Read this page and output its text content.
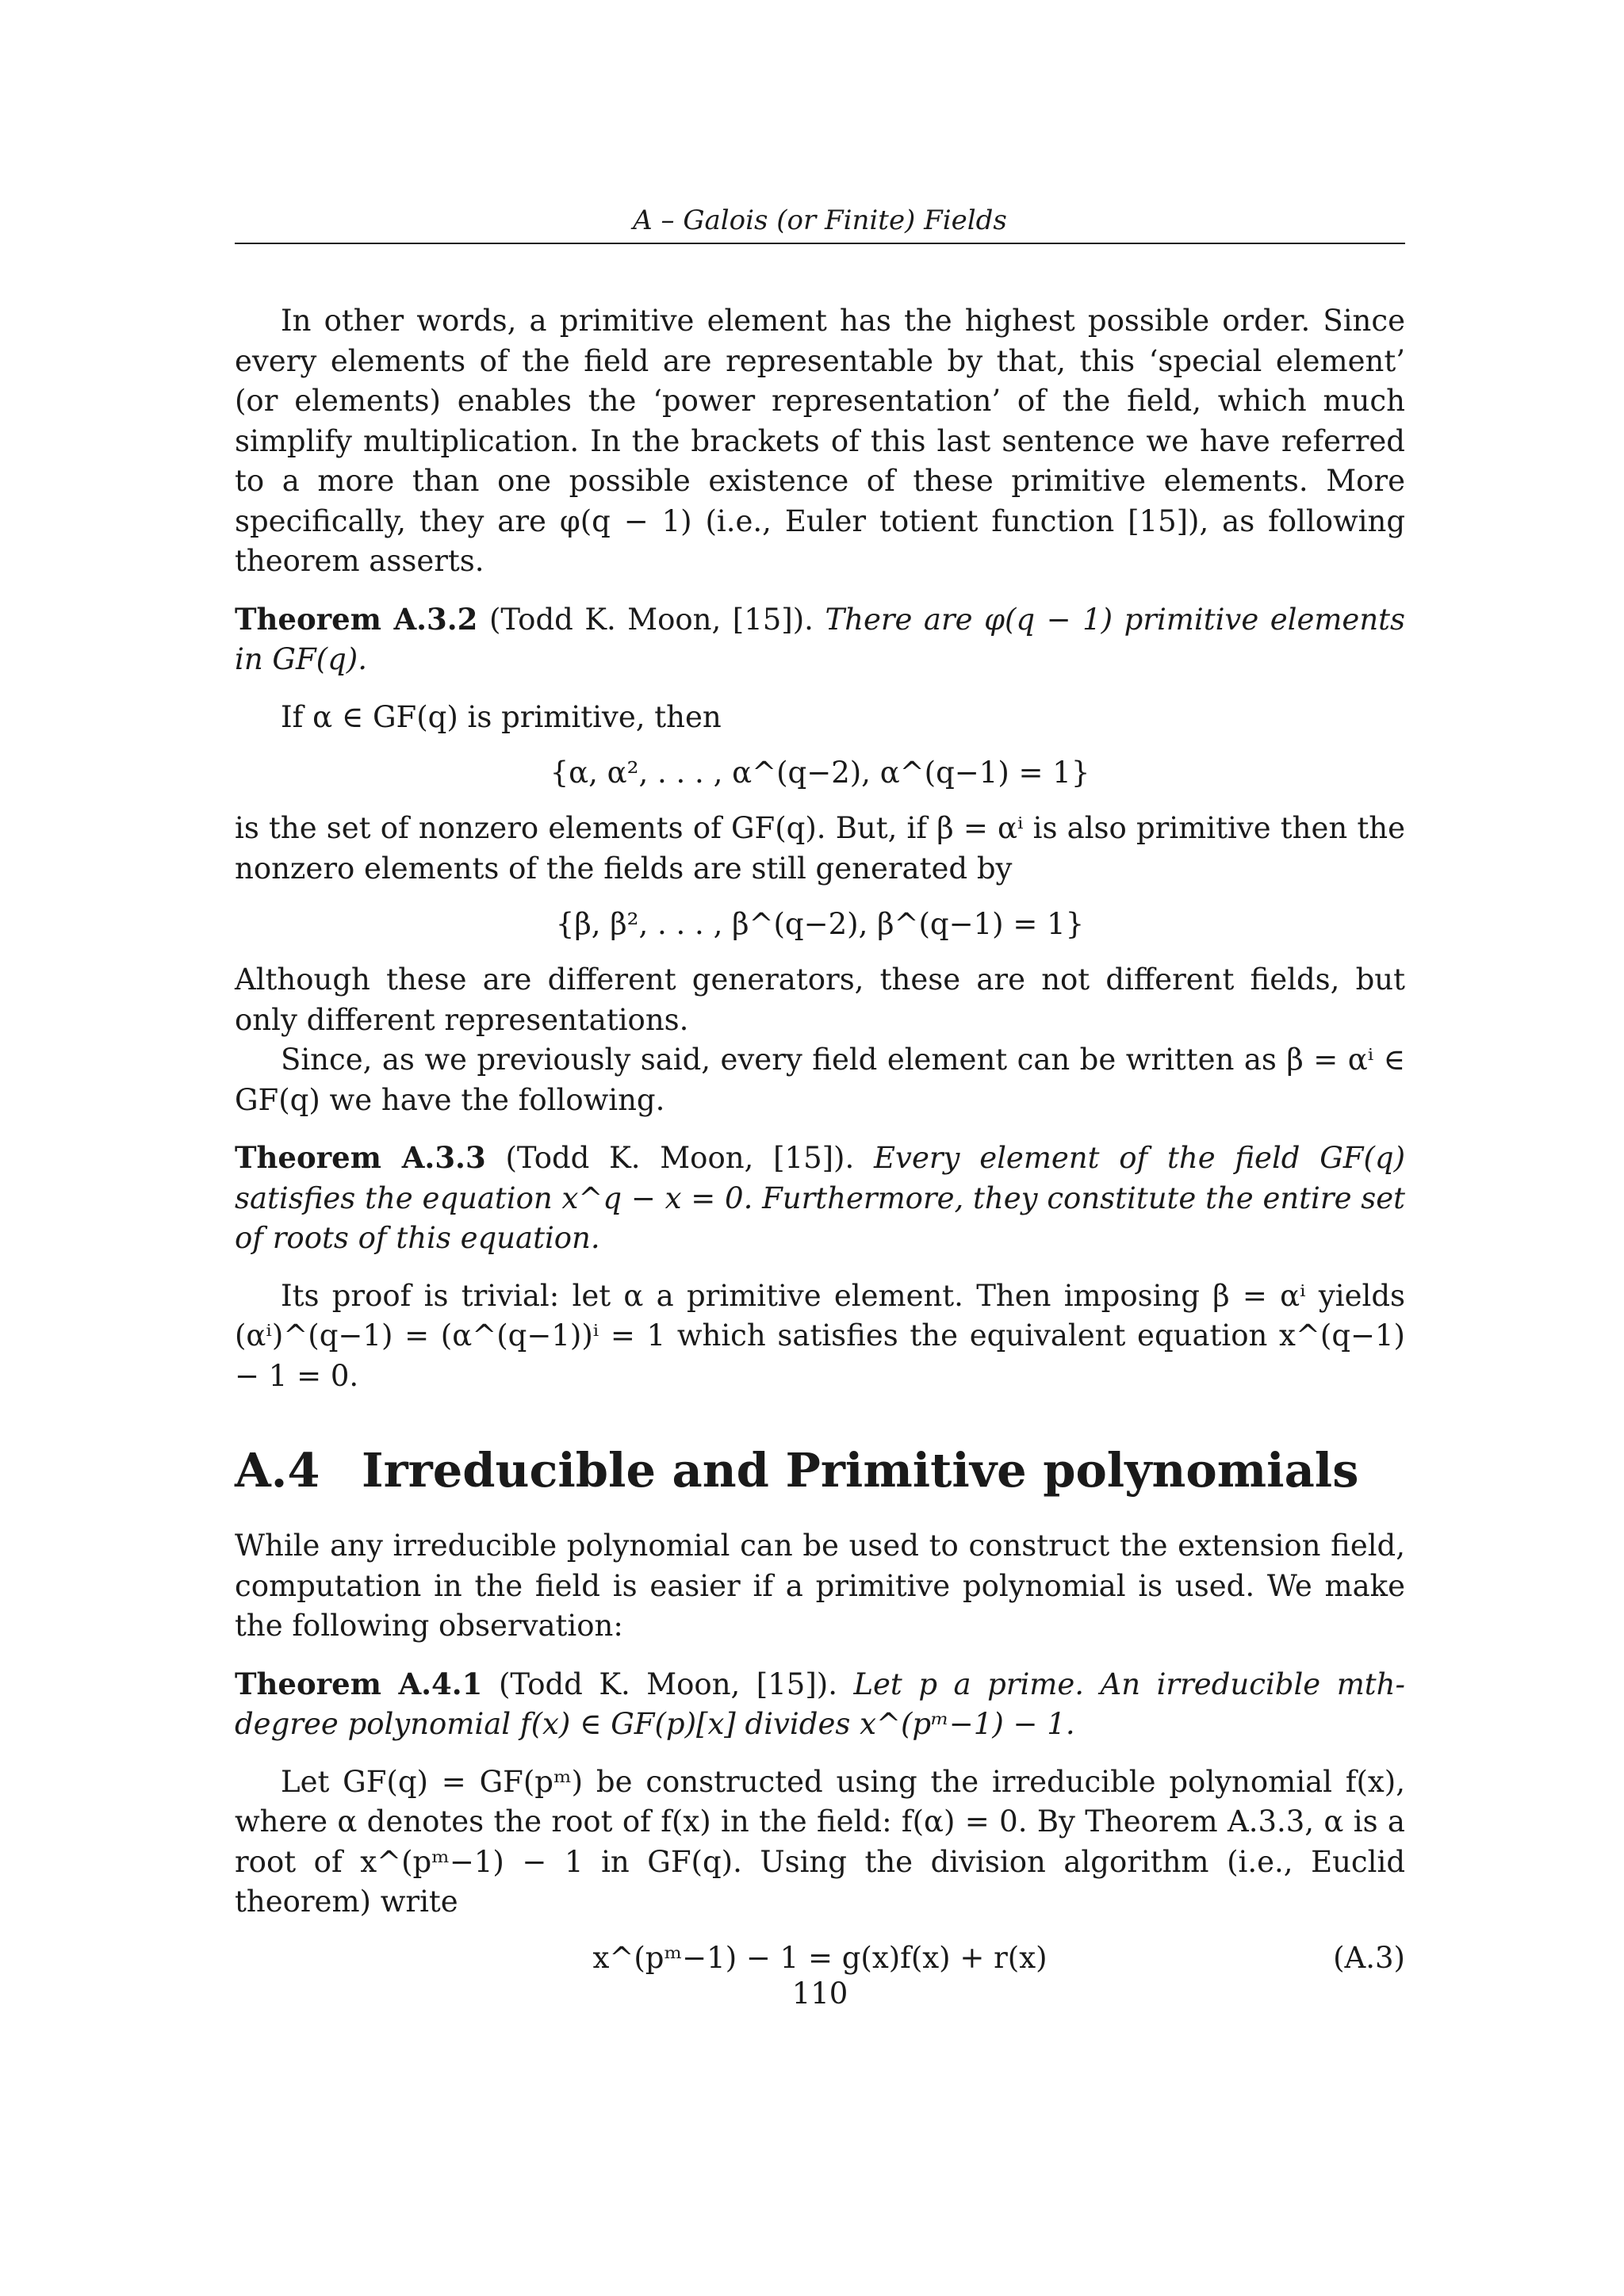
A – Galois (or Finite) Fields

In other words, a primitive element has the highest possible order. Since every elements of the field are representable by that, this ‘special element’ (or elements) enables the ‘power representation’ of the field, which much simplify multiplication. In the brackets of this last sentence we have referred to a more than one possible existence of these primitive elements. More specifically, they are φ(q − 1) (i.e., Euler totient function [15]), as following theorem asserts.

Theorem A.3.2 (Todd K. Moon, [15]). There are φ(q − 1) primitive elements in GF(q).

If α ∈ GF(q) is primitive, then

{α, α², . . . , α^(q−2), α^(q−1) = 1}

is the set of nonzero elements of GF(q). But, if β = αⁱ is also primitive then the nonzero elements of the fields are still generated by

{β, β², . . . , β^(q−2), β^(q−1) = 1}

Although these are different generators, these are not different fields, but only different representations.

Since, as we previously said, every field element can be written as β = αⁱ ∈ GF(q) we have the following.

Theorem A.3.3 (Todd K. Moon, [15]). Every element of the field GF(q) satisfies the equation x^q − x = 0. Furthermore, they constitute the entire set of roots of this equation.

Its proof is trivial: let α a primitive element. Then imposing β = αⁱ yields (αⁱ)^(q−1) = (α^(q−1))ⁱ = 1 which satisfies the equivalent equation x^(q−1) − 1 = 0.

A.4 Irreducible and Primitive polynomials

While any irreducible polynomial can be used to construct the extension field, computation in the field is easier if a primitive polynomial is used. We make the following observation:

Theorem A.4.1 (Todd K. Moon, [15]). Let p a prime. An irreducible mth-degree polynomial f(x) ∈ GF(p)[x] divides x^(pᵐ−1) − 1.

Let GF(q) = GF(pᵐ) be constructed using the irreducible polynomial f(x), where α denotes the root of f(x) in the field: f(α) = 0. By Theorem A.3.3, α is a root of x^(pᵐ−1) − 1 in GF(q). Using the division algorithm (i.e., Euclid theorem) write

x^(pᵐ−1) − 1 = g(x)f(x) + r(x)	(A.3)

110
